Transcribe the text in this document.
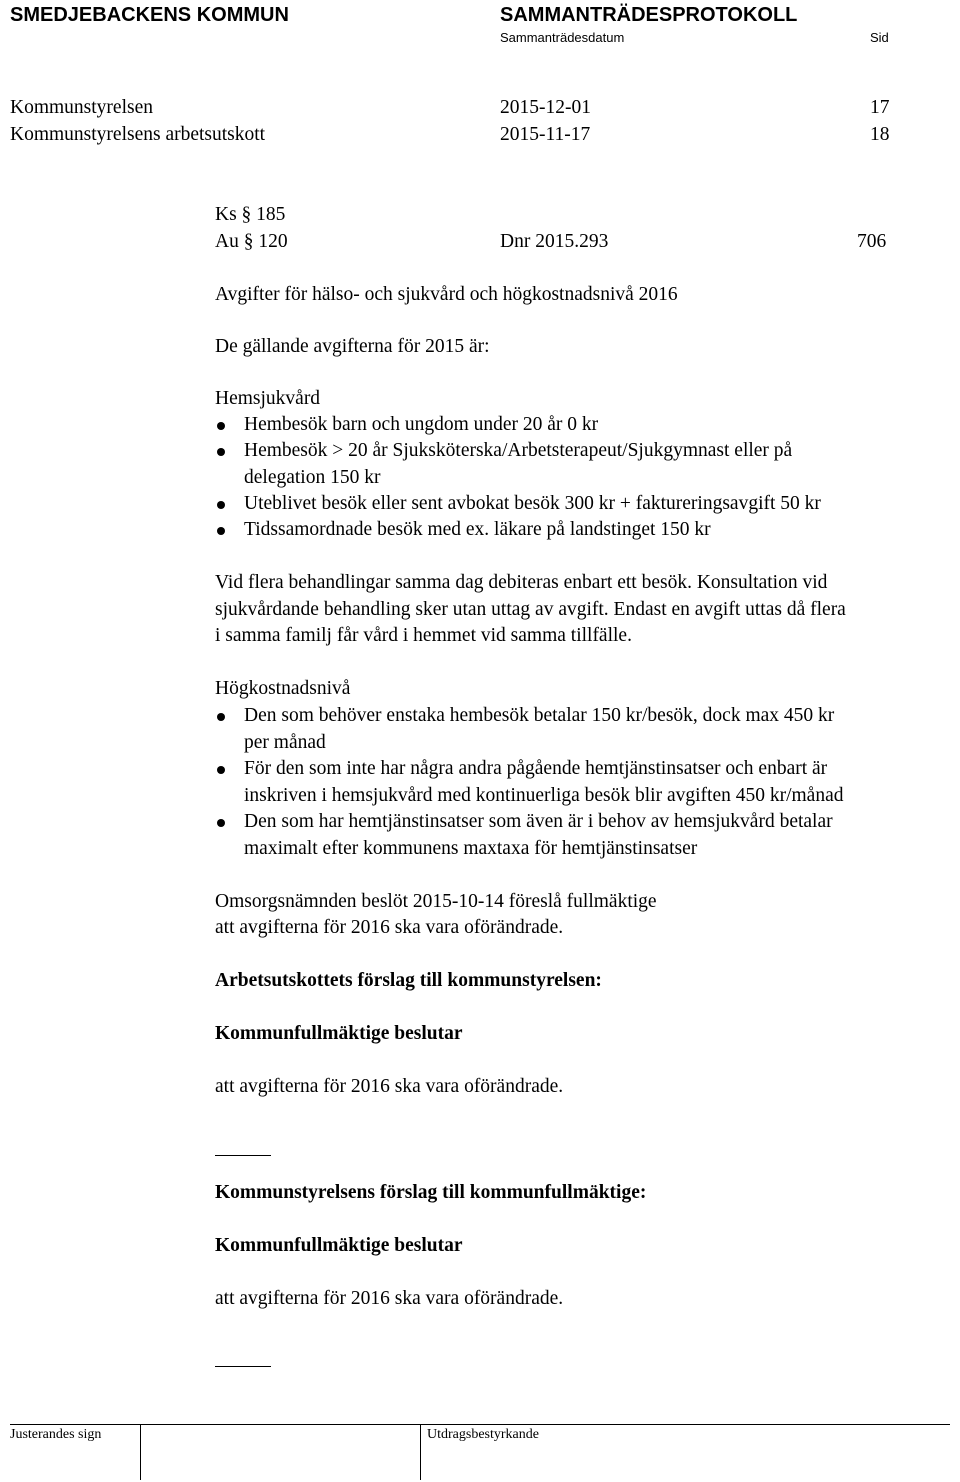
SMEDJEBACKENS KOMMUN	SAMMANTRÄDESPROTOKOLL
Sammanträdesdatum	Sid
Kommunstyrelsen	2015-12-01	17
Kommunstyrelsens arbetsutskott	2015-11-17	18
Ks § 185
Au § 120	Dnr 2015.293	706
Avgifter för hälso- och sjukvård och högkostnadsnivå 2016
De gällande avgifterna för 2015 är:
Hemsjukvård
Hembesök barn och ungdom under 20 år 0 kr
Hembesök > 20 år Sjuksköterska/Arbetsterapeut/Sjukgymnast eller på
delegation 150 kr
Uteblivet besök eller sent avbokat besök 300 kr + faktureringsavgift 50 kr
Tidssamordnade besök med ex. läkare på landstinget 150 kr
Vid flera behandlingar samma dag debiteras enbart ett besök. Konsultation vid
sjukvårdande behandling sker utan uttag av avgift. Endast en avgift uttas då flera
i samma familj får vård i hemmet vid samma tillfälle.
Högkostnadsnivå
Den som behöver enstaka hembesök betalar 150 kr/besök, dock max 450 kr
per månad
För den som inte har några andra pågående hemtjänstinsatser och enbart är
inskriven i hemsjukvård med kontinuerliga besök blir avgiften 450 kr/månad
Den som har hemtjänstinsatser som även är i behov av hemsjukvård betalar
maximalt efter kommunens maxtaxa för hemtjänstinsatser
Omsorgsnämnden beslöt 2015-10-14 föreslå fullmäktige
att avgifterna för 2016 ska vara oförändrade.
Arbetsutskottets förslag till kommunstyrelsen:
Kommunfullmäktige beslutar
att avgifterna för 2016 ska vara oförändrade.
Kommunstyrelsens förslag till kommunfullmäktige:
Kommunfullmäktige beslutar
att avgifterna för 2016 ska vara oförändrade.
Justerandes sign	Utdragsbestyrkande
